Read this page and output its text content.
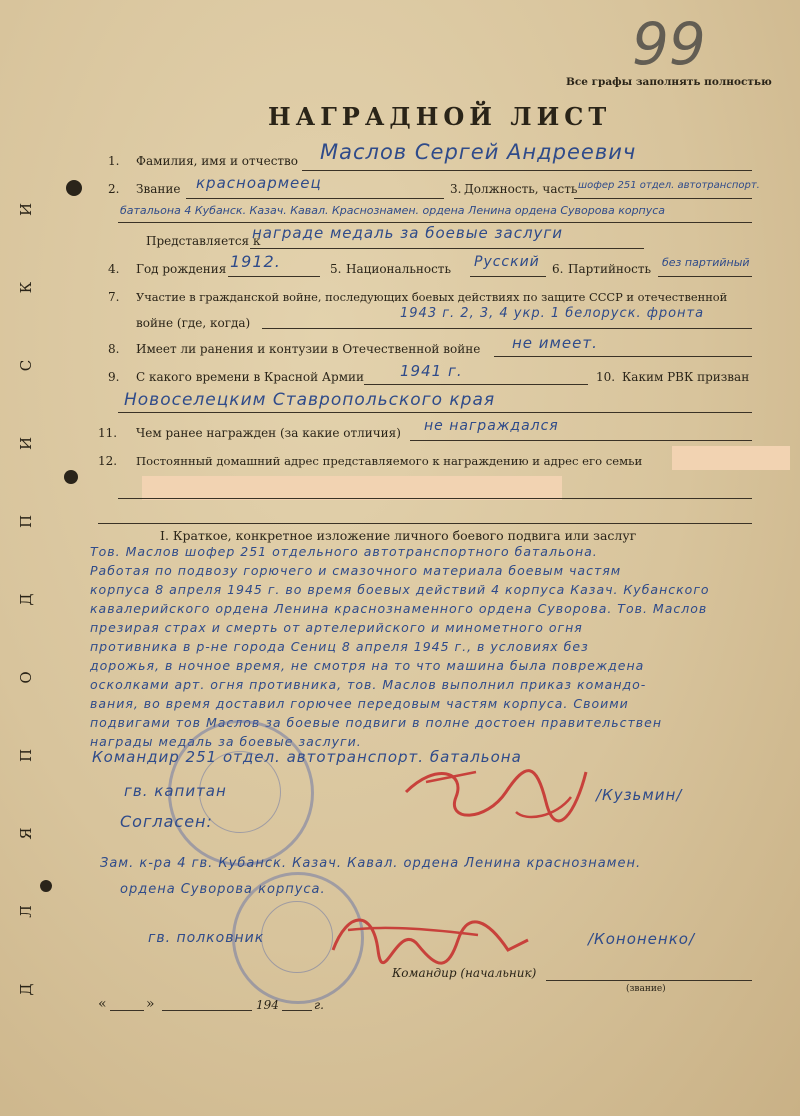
99
Все графы заполнять полностью
НАГРАДНОЙ ЛИСТ
Д
Л
Я
П
О
Д
П
И
С
К
И
1. Фамилия, имя и отчество Маслов Сергей Андреевич
2. Звание красноармеец	3. Должность, часть шофер 251 отдел. автотранспорт.
батальона 4 Кубанск. Казач. Кавал. Краснознамен. ордена Ленина ордена Суворова корпуса
Представляется к
награде медаль за боевые заслуги
4. Год рождения 1912.	5. Национальность Русский 6. Партийность без партийный
7. Участие в гражданской войне, последующих боевых действиях по защите СССР и отечественной
войне (где, когда)
1943 г. 2, 3, 4 укр. 1 белоруск. фронта
8. Имеет ли ранения и контузии в Отечественной войне не имеет.
9. С какого времени в Красной Армии 1941 г.	10. Каким РВК призван
Новоселецким Ставропольского края
11. Чем ранее награжден (за какие отличия) не награждался
12. Постоянный домашний адрес представляемого к награждению и адрес его семьи
I. Краткое, конкретное изложение личного боевого подвига или заслуг
Тов. Маслов шофер 251 отдельного автотранспортного батальона.
Работая по подвозу горючего и смазочного материала боевым частям
корпуса 8 апреля 1945 г. во время боевых действий 4 корпуса Казач. Кубанского
кавалерийского ордена Ленина краснознаменного ордена Суворова. Тов. Маслов
презирая страх и смерть от артелерийского и минометного огня
противника в р-не города Сениц 8 апреля 1945 г., в условиях без
дорожья, в ночное время, не смотря на то что машина была повреждена
осколками арт. огня противника, тов. Маслов выполнил приказ командо-
вания, во время доставил горючее передовым частям корпуса. Своими
подвигами тов Маслов за боевые подвиги в полне достоен правительствен
награды медаль за боевые заслуги.
Командир 251 отдел. автотранспорт. батальона
гв. капитан	/Кузьмин/
Согласен:
Зам. к-ра 4 гв. Кубанск. Казач. Кавал. ордена Ленина краснознамен.
ордена Суворова корпуса.
гв. полковник	/Кононенко/
Командир (начальник)
(звание)
«	»	194	г.
